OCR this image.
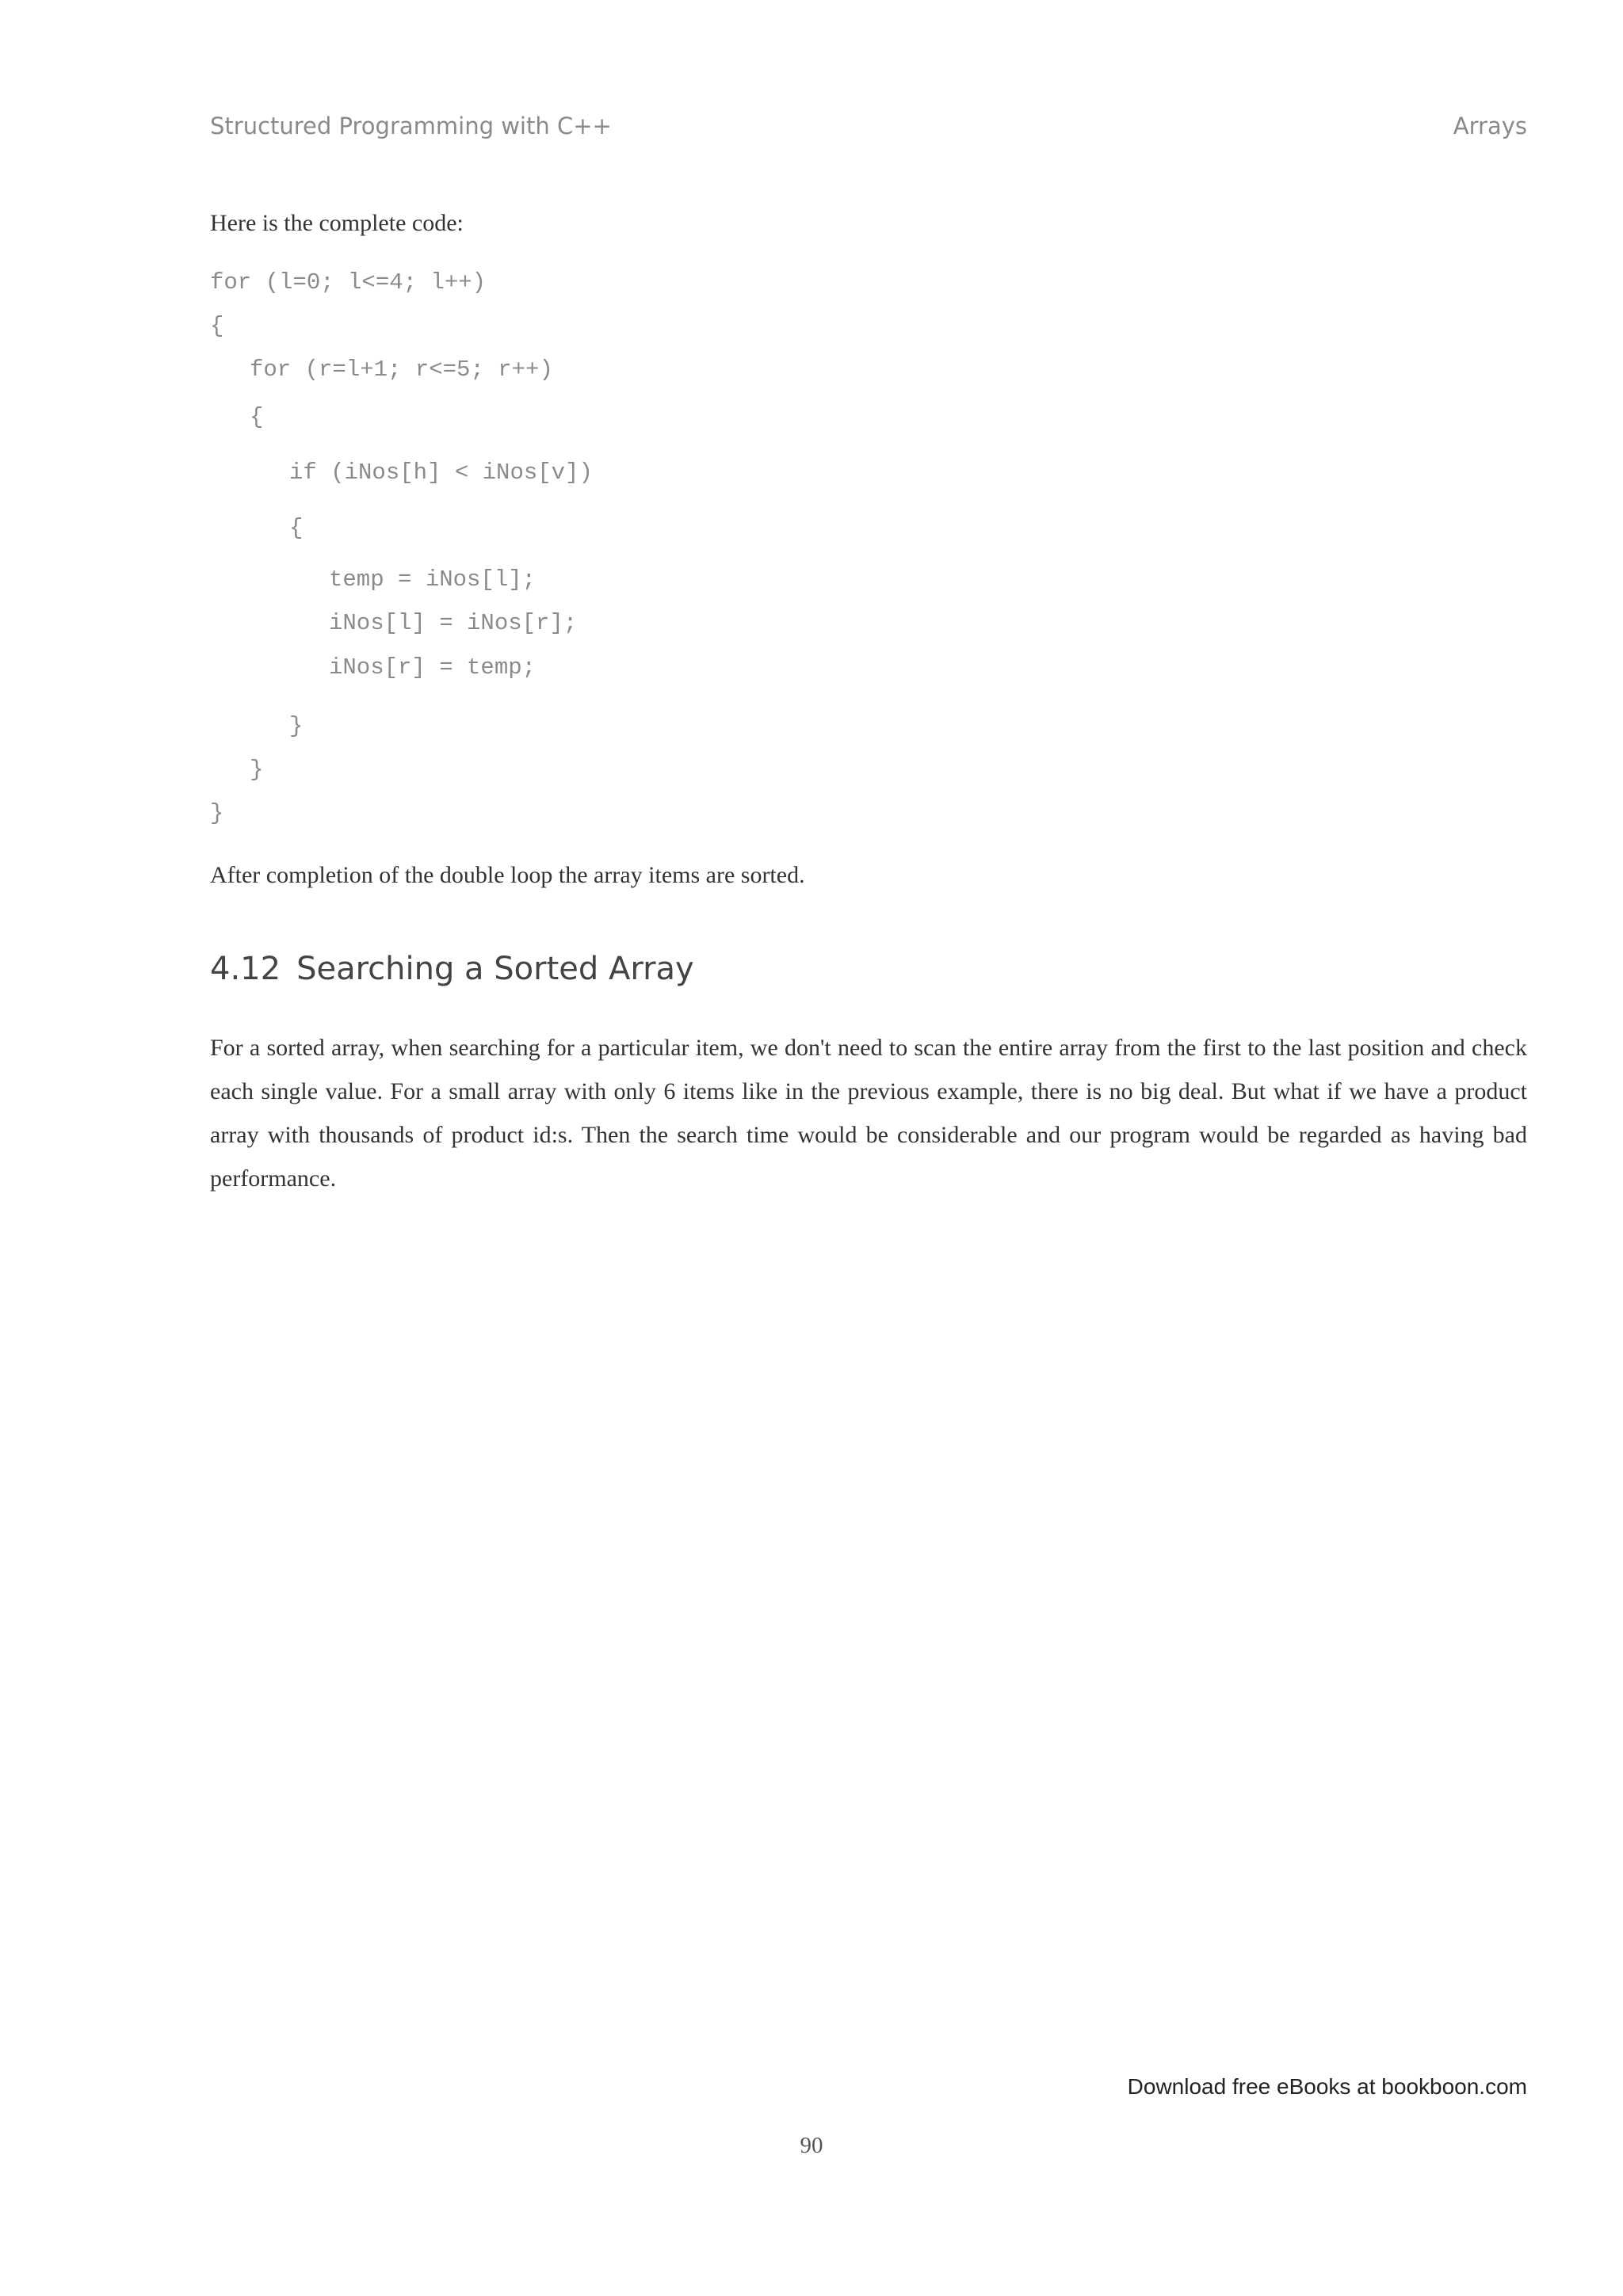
Structured Programming with C++	Arrays
Here is the complete code:
for (l=0; l<=4; l++)
{
for (r=l+1; r<=5; r++)
{
if (iNos[h] < iNos[v])
{
temp = iNos[l];
iNos[l] = iNos[r];
iNos[r] = temp;
}
}
}
After completion of the double loop the array items are sorted.
4.12 Searching a Sorted Array

For a sorted array, when searching for a particular item, we don't need to scan the entire array from the first to the last position and check each single value. For a small array with only 6 items like in the previous example, there is no big deal. But what if we have a product array with thousands of product id:s. Then the search time would be considerable and our program would be regarded as having bad performance.

Download free eBooks at bookboon.com
90
